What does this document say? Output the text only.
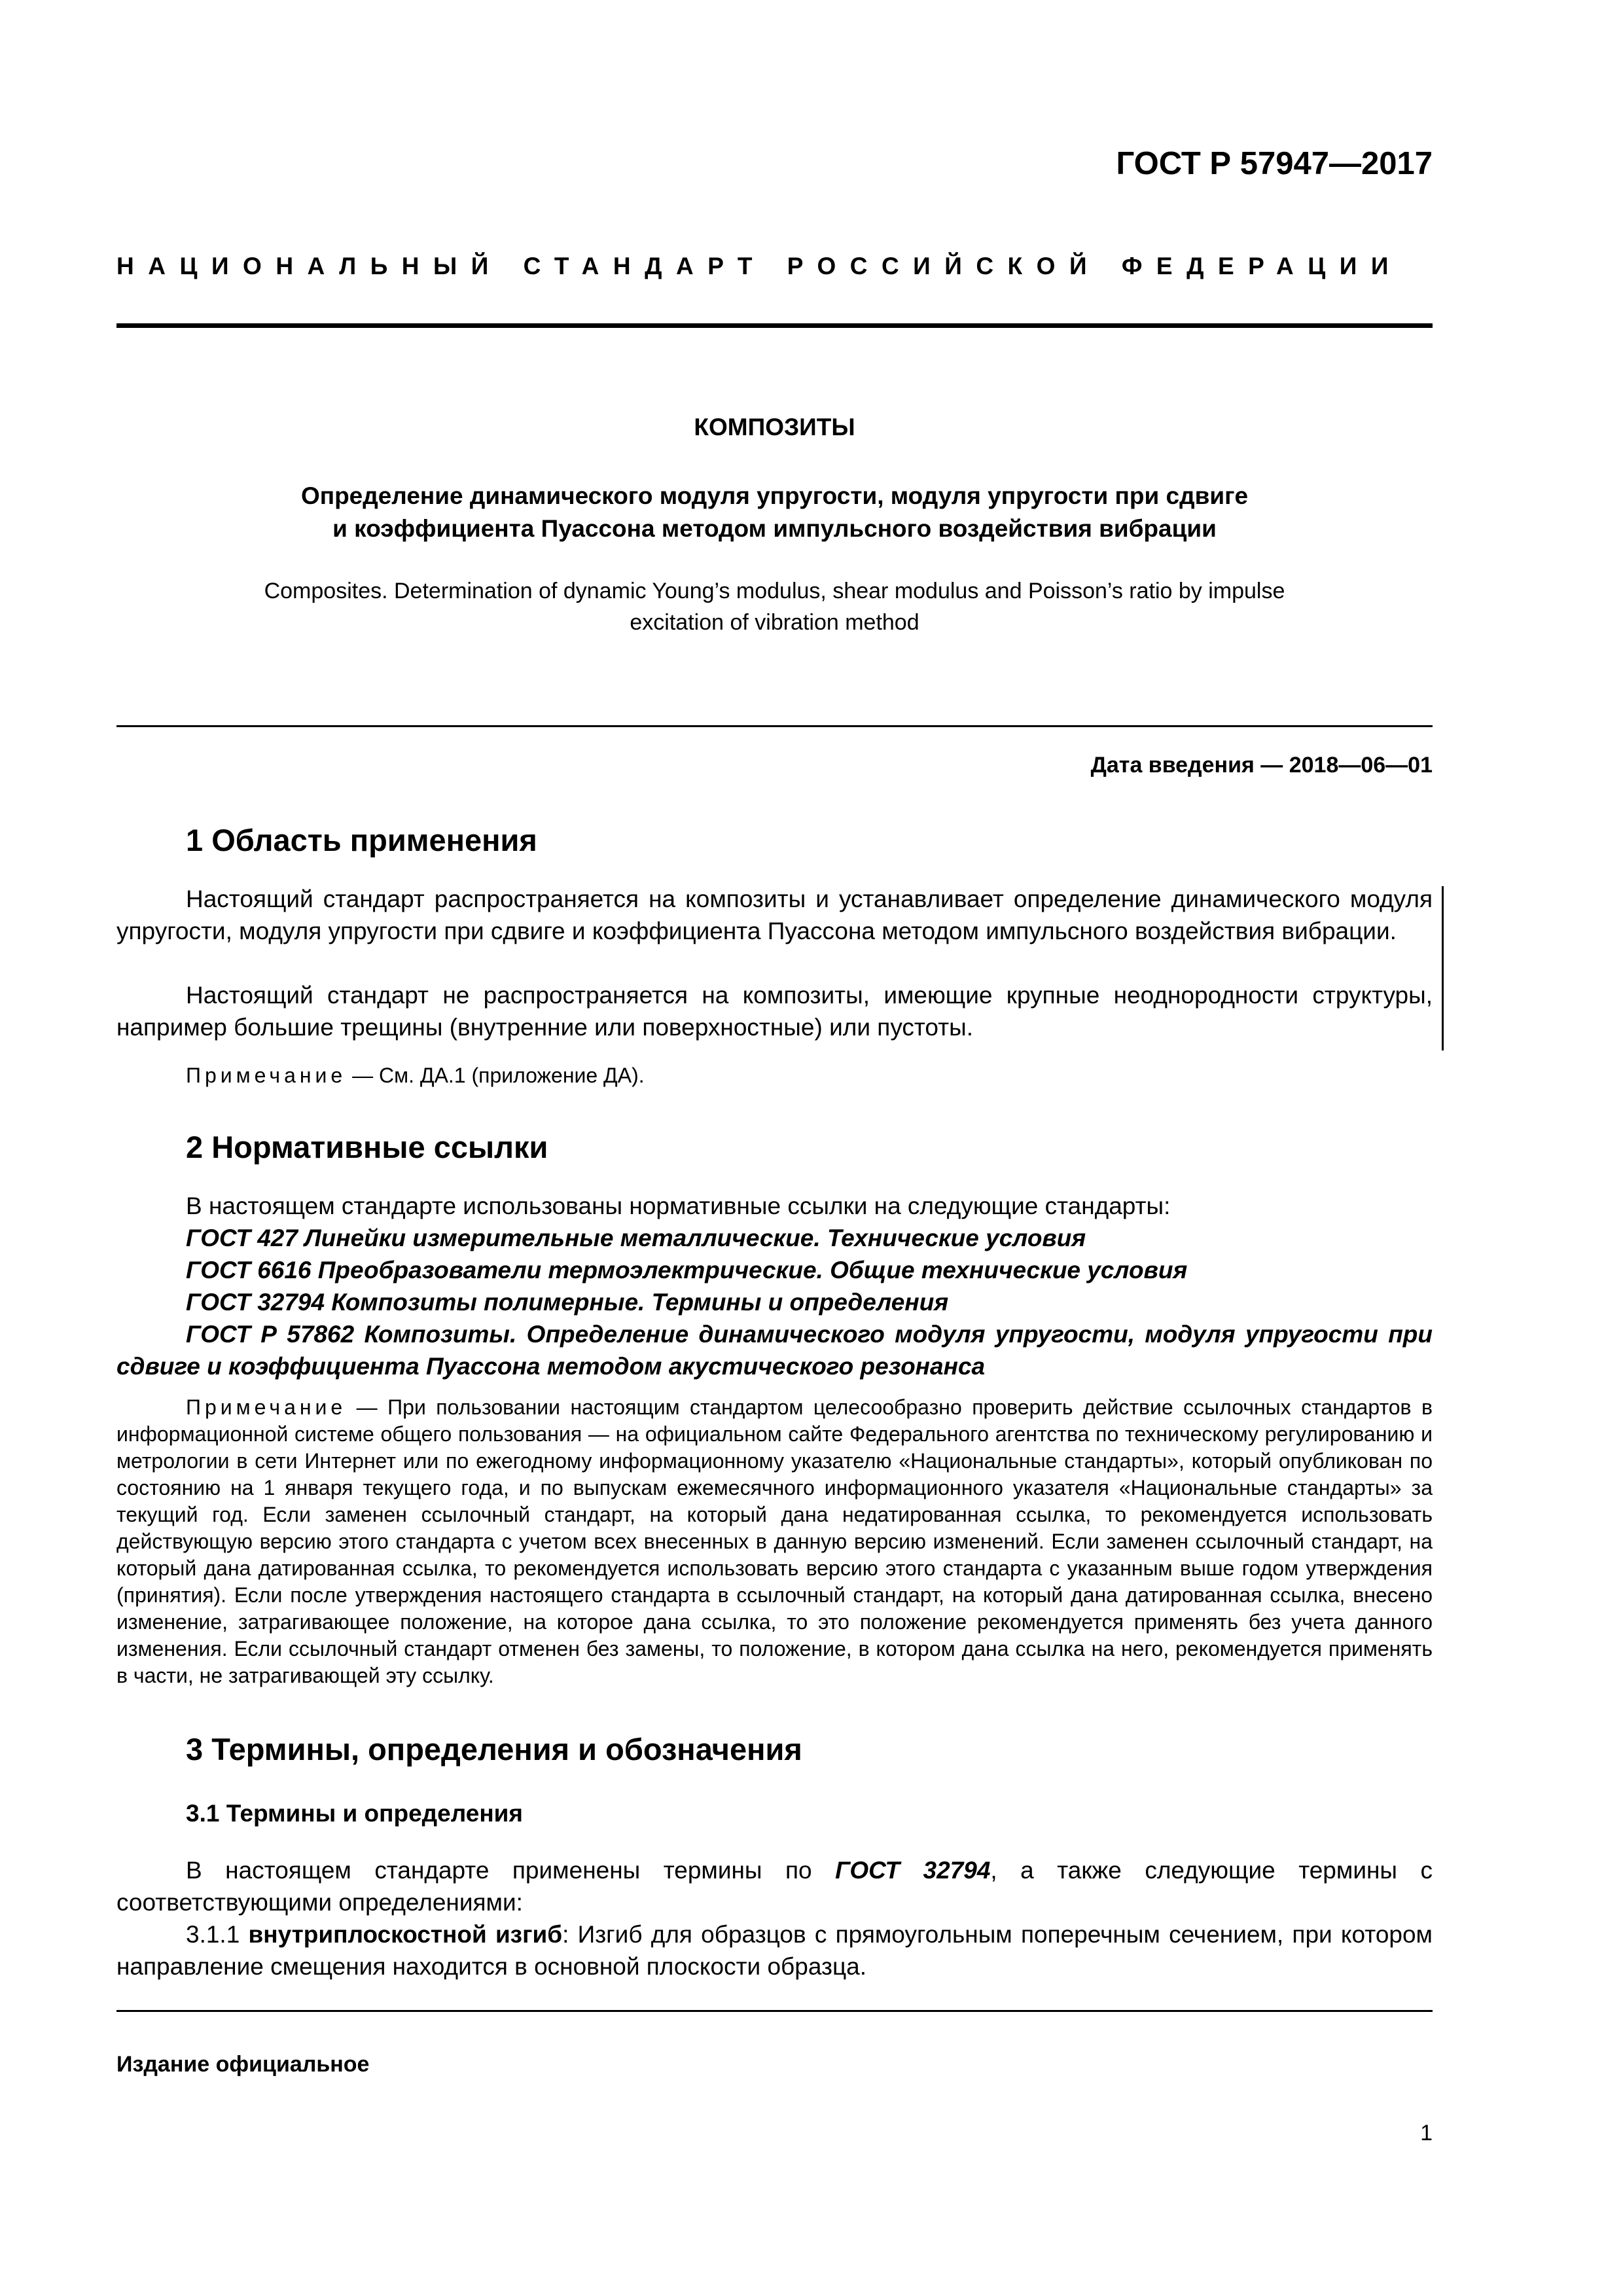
ГОСТ Р 57947—2017

НАЦИОНАЛЬНЫЙ СТАНДАРТ РОССИЙСКОЙ ФЕДЕРАЦИИ

КОМПОЗИТЫ

Определение динамического модуля упругости, модуля упругости при сдвиге
и коэффициента Пуассона методом импульсного воздействия вибрации

Composites. Determination of dynamic Young’s modulus, shear modulus and Poisson’s ratio by impulse
excitation of vibration method

Дата введения — 2018—06—01

1 Область применения

Настоящий стандарт распространяется на композиты и устанавливает определение динамического модуля упругости, модуля упругости при сдвиге и коэффициента Пуассона методом импульсного воздействия вибрации.

Настоящий стандарт не распространяется на композиты, имеющие крупные неоднородности структуры, например большие трещины (внутренние или поверхностные) или пустоты.

Примечание — См. ДА.1 (приложение ДА).

2 Нормативные ссылки

В настоящем стандарте использованы нормативные ссылки на следующие стандарты:

ГОСТ 427 Линейки измерительные металлические. Технические условия

ГОСТ 6616 Преобразователи термоэлектрические. Общие технические условия

ГОСТ 32794 Композиты полимерные. Термины и определения

ГОСТ Р 57862 Композиты. Определение динамического модуля упругости, модуля упругости при сдвиге и коэффициента Пуассона методом акустического резонанса

Примечание — При пользовании настоящим стандартом целесообразно проверить действие ссылочных стандартов в информационной системе общего пользования — на официальном сайте Федерального агентства по техническому регулированию и метрологии в сети Интернет или по ежегодному информационному указателю «Национальные стандарты», который опубликован по состоянию на 1 января текущего года, и по выпускам ежемесячного информационного указателя «Национальные стандарты» за текущий год. Если заменен ссылочный стандарт, на который дана недатированная ссылка, то рекомендуется использовать действующую версию этого стандарта с учетом всех внесенных в данную версию изменений. Если заменен ссылочный стандарт, на который дана датированная ссылка, то рекомендуется использовать версию этого стандарта с указанным выше годом утверждения (принятия). Если после утверждения настоящего стандарта в ссылочный стандарт, на который дана датированная ссылка, внесено изменение, затрагивающее положение, на которое дана ссылка, то это положение рекомендуется применять без учета данного изменения. Если ссылочный стандарт отменен без замены, то положение, в котором дана ссылка на него, рекомендуется применять в части, не затрагивающей эту ссылку.

3 Термины, определения и обозначения
3.1 Термины и определения

В настоящем стандарте применены термины по ГОСТ 32794, а также следующие термины с соответствующими определениями:

3.1.1 внутриплоскостной изгиб: Изгиб для образцов с прямоугольным поперечным сечением, при котором направление смещения находится в основной плоскости образца.

Издание официальное

1
